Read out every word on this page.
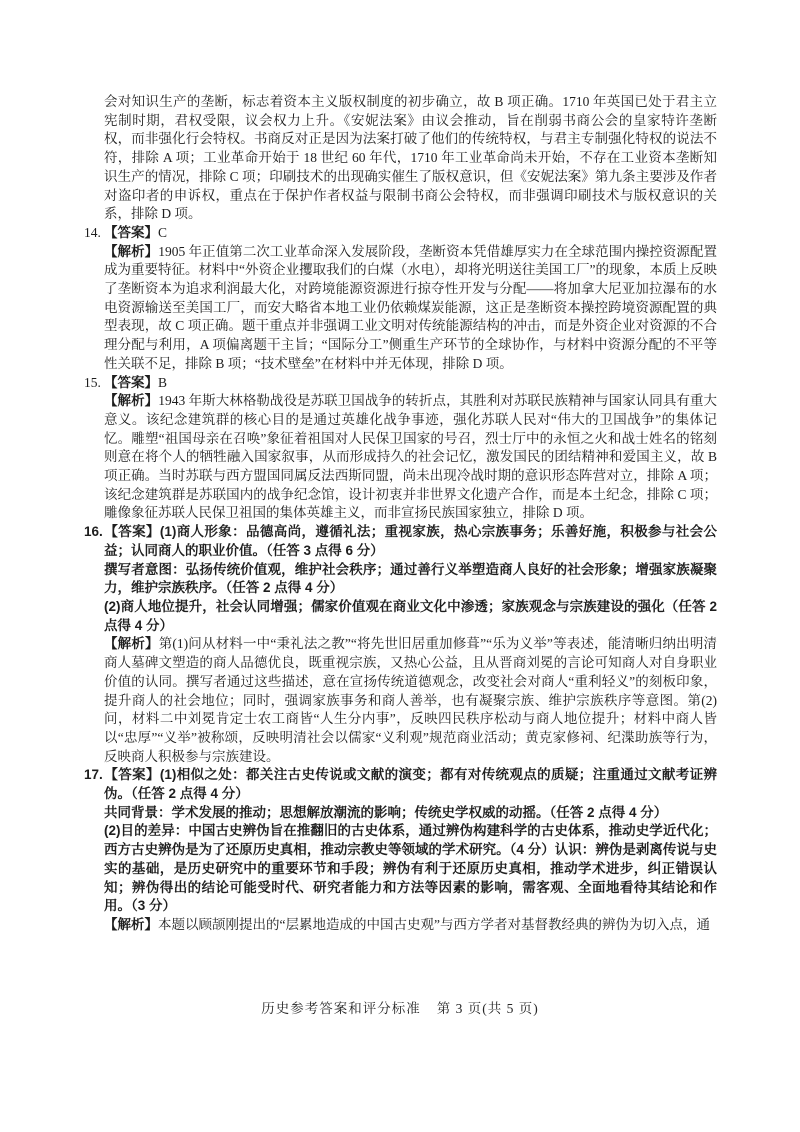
会对知识生产的垄断，标志着资本主义版权制度的初步确立，故 B 项正确。1710 年英国已处于君主立宪制时期，君权受限，议会权力上升。《安妮法案》由议会推动，旨在削弱书商公会的皇家特许垄断权，而非强化行会特权。书商反对正是因为法案打破了他们的传统特权，与君主专制强化特权的说法不符，排除 A 项；工业革命开始于 18 世纪 60 年代，1710 年工业革命尚未开始，不存在工业资本垄断知识生产的情况，排除 C 项；印刷技术的出现确实催生了版权意识，但《安妮法案》第九条主要涉及作者对盗印者的申诉权，重点在于保护作者权益与限制书商公会特权，而非强调印刷技术与版权意识的关系，排除 D 项。

14. 【答案】C

【解析】1905 年正值第二次工业革命深入发展阶段，垄断资本凭借雄厚实力在全球范围内操控资源配置成为重要特征。材料中“外资企业攫取我们的白煤（水电），却将光明送往美国工厂”的现象，本质上反映了垄断资本为追求利润最大化，对跨境能源资源进行掠夺性开发与分配——将加拿大尼亚加拉瀑布的水电资源输送至美国工厂，而安大略省本地工业仍依赖煤炭能源，这正是垄断资本操控跨境资源配置的典型表现，故 C 项正确。题干重点并非强调工业文明对传统能源结构的冲击，而是外资企业对资源的不合理分配与利用，A 项偏离题干主旨；“国际分工”侧重生产环节的全球协作，与材料中资源分配的不平等性关联不足，排除 B 项；“技术壁垒”在材料中并无体现，排除 D 项。

15. 【答案】B

【解析】1943 年斯大林格勒战役是苏联卫国战争的转折点，其胜利对苏联民族精神与国家认同具有重大意义。该纪念建筑群的核心目的是通过英雄化战争事迹，强化苏联人民对“伟大的卫国战争”的集体记忆。雕塑“祖国母亲在召唤”象征着祖国对人民保卫国家的号召，烈士厅中的永恒之火和战士姓名的铭刻则意在将个人的牺牲融入国家叙事，从而形成持久的社会记忆，激发国民的团结精神和爱国主义，故 B 项正确。当时苏联与西方盟国同属反法西斯同盟，尚未出现冷战时期的意识形态阵营对立，排除 A 项；该纪念建筑群是苏联国内的战争纪念馆，设计初衷并非世界文化遗产合作，而是本土纪念，排除 C 项；雕像象征苏联人民保卫祖国的集体英雄主义，而非宣扬民族国家独立，排除 D 项。

16.【答案】(1)商人形象：品德高尚，遵循礼法；重视家族，热心宗族事务；乐善好施，积极参与社会公益；认同商人的职业价值。（任答 3 点得 6 分）

撰写者意图：弘扬传统价值观，维护社会秩序；通过善行义举塑造商人良好的社会形象；增强家族凝聚力，维护宗族秩序。（任答 2 点得 4 分）

(2)商人地位提升，社会认同增强；儒家价值观在商业文化中渗透；家族观念与宗族建设的强化（任答 2 点得 4 分）

【解析】第(1)问从材料一中“秉礼法之教”“将先世旧居重加修葺”“乐为义举”等表述，能清晰归纳出明清商人墓碑文塑造的商人品德优良，既重视宗族，又热心公益，且从晋商刘冕的言论可知商人对自身职业价值的认同。撰写者通过这些描述，意在宣扬传统道德观念，改变社会对商人“重利轻义”的刻板印象，提升商人的社会地位；同时，强调家族事务和商人善举，也有凝聚宗族、维护宗族秩序等意图。第(2)问，材料二中刘冕肯定士农工商皆“人生分内事”，反映四民秩序松动与商人地位提升；材料中商人皆以“忠厚”“义举”被称颂，反映明清社会以儒家“义利观”规范商业活动；黄克家修祠、纪渫助族等行为，反映商人积极参与宗族建设。

17.【答案】(1)相似之处：都关注古史传说或文献的演变；都有对传统观点的质疑；注重通过文献考证辨伪。（任答 2 点得 4 分）

共同背景：学术发展的推动；思想解放潮流的影响；传统史学权威的动摇。（任答 2 点得 4 分）

(2)目的差异：中国古史辨伪旨在推翻旧的古史体系，通过辨伪构建科学的古史体系，推动史学近代化；西方古史辨伪是为了还原历史真相，推动宗教史等领域的学术研究。（4 分）认识：辨伪是剥离传说与史实的基础，是历史研究中的重要环节和手段；辨伪有利于还原历史真相，推动学术进步，纠正错误认知；辨伪得出的结论可能受时代、研究者能力和方法等因素的影响，需客观、全面地看待其结论和作用。（3 分）

【解析】本题以顾颉刚提出的“层累地造成的中国古史观”与西方学者对基督教经典的辨伪为切入点，通

历史参考答案和评分标准 第 3 页(共 5 页)
